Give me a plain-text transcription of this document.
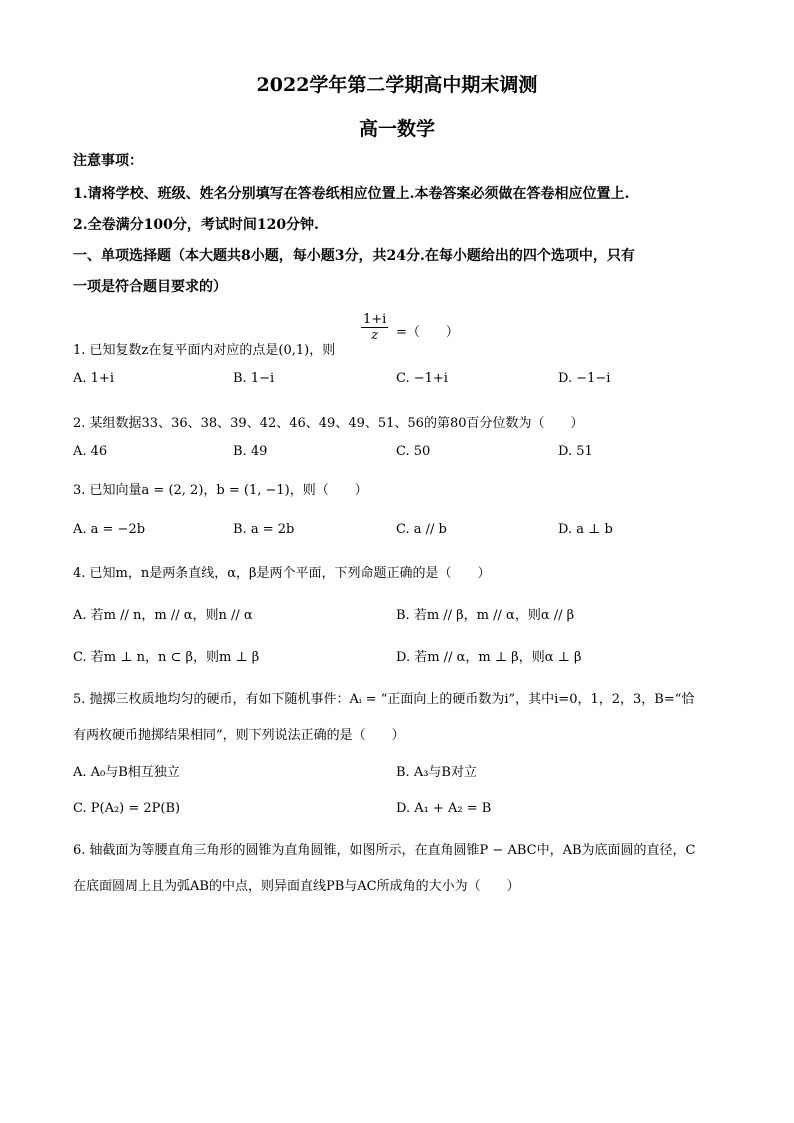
2022学年第二学期高中期末调测
高一数学
注意事项：
1.请将学校、班级、姓名分别填写在答卷纸相应位置上.本卷答案必须做在答卷相应位置上.
2.全卷满分100分，考试时间120分钟.
一、单项选择题（本大题共8小题，每小题3分，共24分.在每小题给出的四个选项中，只有
一项是符合题目要求的）
1. 已知复数z在复平面内对应的点是(0,1)，则
$\frac{1+i}{z}$ =（　　）
A. 1+i	B. 1−i	C. −1+i	D. −1−i
2. 某组数据33、36、38、39、42、46、49、49、51、56的第80百分位数为（　　）
A. 46	B. 49	C. 50	D. 51
3. 已知向量a = (2, 2)，b = (1, −1)，则（　　）
A. a = −2b	B. a = 2b	C. a // b	D. a ⊥ b
4. 已知m，n是两条直线，α，β是两个平面，下列命题正确的是（　　）
A. 若m // n，m // α，则n // α	B. 若m // β，m // α，则α // β
C. 若m ⊥ n，n ⊂ β，则m ⊥ β	D. 若m // α，m ⊥ β，则α ⊥ β
5. 抛掷三枚质地均匀的硬币，有如下随机事件：Aᵢ = “正面向上的硬币数为i”，其中i=0，1，2，3，B=“恰
有两枚硬币抛掷结果相同”，则下列说法正确的是（　　）
A. A₀与B相互独立	B. A₃与B对立
C. P(A₂) = 2P(B)	D. A₁ + A₂ = B
6. 轴截面为等腰直角三角形的圆锥为直角圆锥，如图所示，在直角圆锥P − ABC中，AB为底面圆的直径，C
在底面圆周上且为弧AB的中点，则异面直线PB与AC所成角的大小为（　　）
